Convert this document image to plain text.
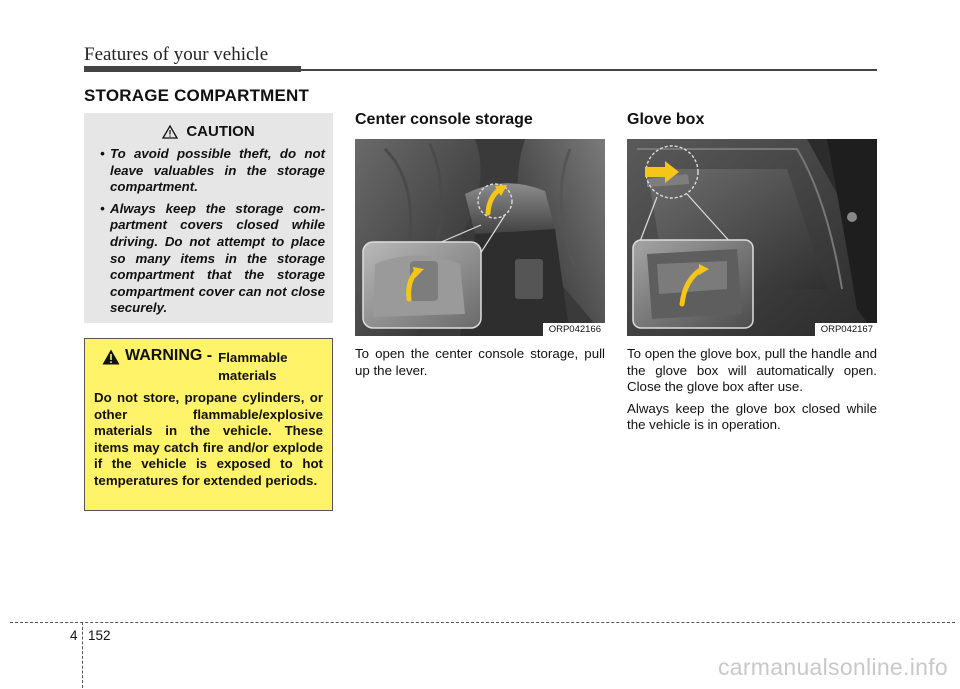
Features of your vehicle
STORAGE COMPARTMENT
CAUTION
• To avoid possible theft, do not leave valuables in the storage compartment.
• Always keep the storage com-partment covers closed while driving. Do not attempt to place so many items in the storage compartment that the storage compartment cover can not close securely.
WARNING - Flammable materials
Do not store, propane cylinders, or other flammable/explosive materials in the vehicle. These items may catch fire and/or explode if the vehicle is exposed to hot temperatures for extended periods.
Center console storage
ORP042166
To open the center console storage, pull up the lever.
Glove box
ORP042167

To open the glove box, pull the handle and the glove box will automatically open. Close the glove box after use.

Always keep the glove box closed while the vehicle is in operation.

4 152
carmanualsonline.info
